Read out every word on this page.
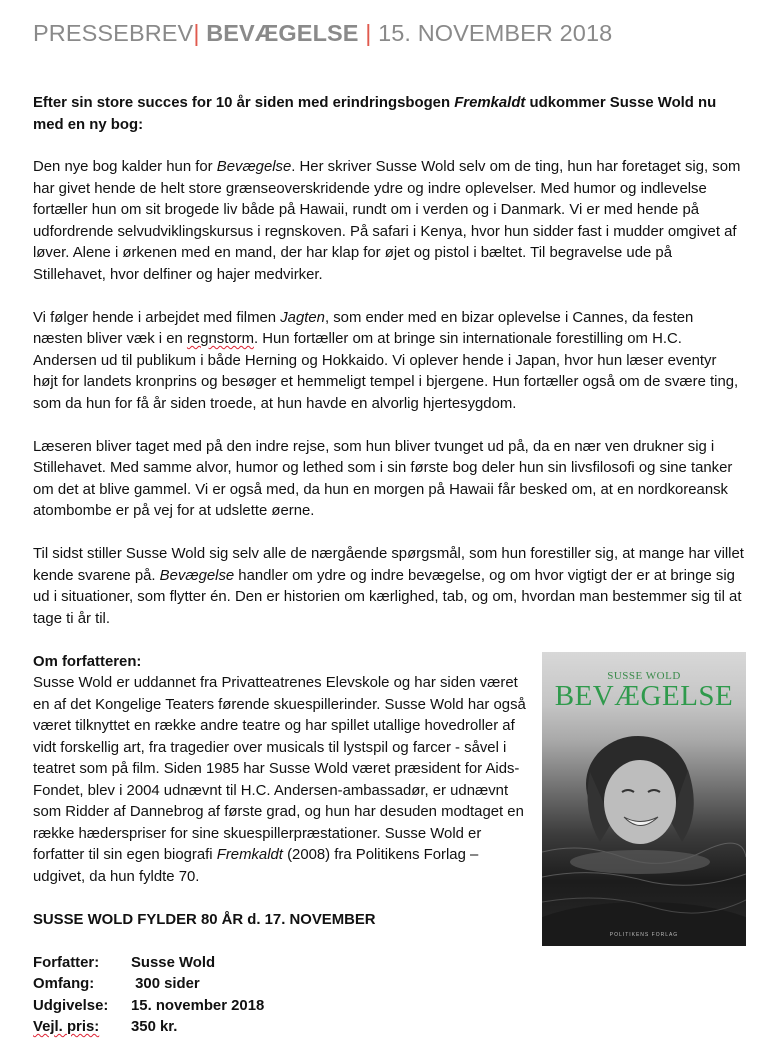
PRESSEBREV| BEVÆGELSE | 15. NOVEMBER 2018

Efter sin store succes for 10 år siden med erindringsbogen Fremkaldt udkommer Susse Wold nu med en ny bog:

Den nye bog kalder hun for Bevægelse. Her skriver Susse Wold selv om de ting, hun har foretaget sig, som har givet hende de helt store grænseoverskridende ydre og indre oplevelser. Med humor og indlevelse fortæller hun om sit brogede liv både på Hawaii, rundt om i verden og i Danmark. Vi er med hende på udfordrende selvudviklingskursus i regnskoven. På safari i Kenya, hvor hun sidder fast i mudder omgivet af løver. Alene i ørkenen med en mand, der har klap for øjet og pistol i bæltet. Til begravelse ude på Stillehavet, hvor delfiner og hajer medvirker.

Vi følger hende i arbejdet med filmen Jagten, som ender med en bizar oplevelse i Cannes, da festen næsten bliver væk i en regnstorm. Hun fortæller om at bringe sin internationale forestilling om H.C. Andersen ud til publikum i både Herning og Hokkaido. Vi oplever hende i Japan, hvor hun læser eventyr højt for landets kronprins og besøger et hemmeligt tempel i bjergene. Hun fortæller også om de svære ting, som da hun for få år siden troede, at hun havde en alvorlig hjertesygdom.

Læseren bliver taget med på den indre rejse, som hun bliver tvunget ud på, da en nær ven drukner sig i Stillehavet. Med samme alvor, humor og lethed som i sin første bog deler hun sin livsfilosofi og sine tanker om det at blive gammel. Vi er også med, da hun en morgen på Hawaii får besked om, at en nordkoreansk atombombe er på vej for at udslette øerne.

Til sidst stiller Susse Wold sig selv alle de nærgående spørgsmål, som hun forestiller sig, at mange har villet kende svarene på. Bevægelse handler om ydre og indre bevægelse, og om hvor vigtigt der er at bringe sig ud i situationer, som flytter én. Den er historien om kærlighed, tab, og om, hvordan man bestemmer sig til at tage ti år til.

Om forfatteren:

Susse Wold er uddannet fra Privatteatrenes Elevskole og har siden været en af det Kongelige Teaters førende skuespillerinder. Susse Wold har også været tilknyttet en række andre teatre og har spillet utallige hovedroller af vidt forskellig art, fra tragedier over musicals til lystspil og farcer - såvel i teatret som på film. Siden 1985 har Susse Wold været præsident for Aids-Fondet, blev i 2004 udnævnt til H.C. Andersen-ambassadør, er udnævnt som Ridder af Dannebrog af første grad, og hun har desuden modtaget en række hæderspriser for sine skuespillerpræstationer. Susse Wold er forfatter til sin egen biografi Fremkaldt (2008) fra Politikens Forlag – udgivet, da hun fyldte 70.

SUSSE WOLD FYLDER 80 ÅR d. 17. NOVEMBER

Forfatter:	Susse Wold
Omfang:	300 sider
Udgivelse:	15. november 2018
Vejl. pris:	350 kr.
SUSSE WOLD
BEVÆGELSE
POLITIKENS FORLAG
